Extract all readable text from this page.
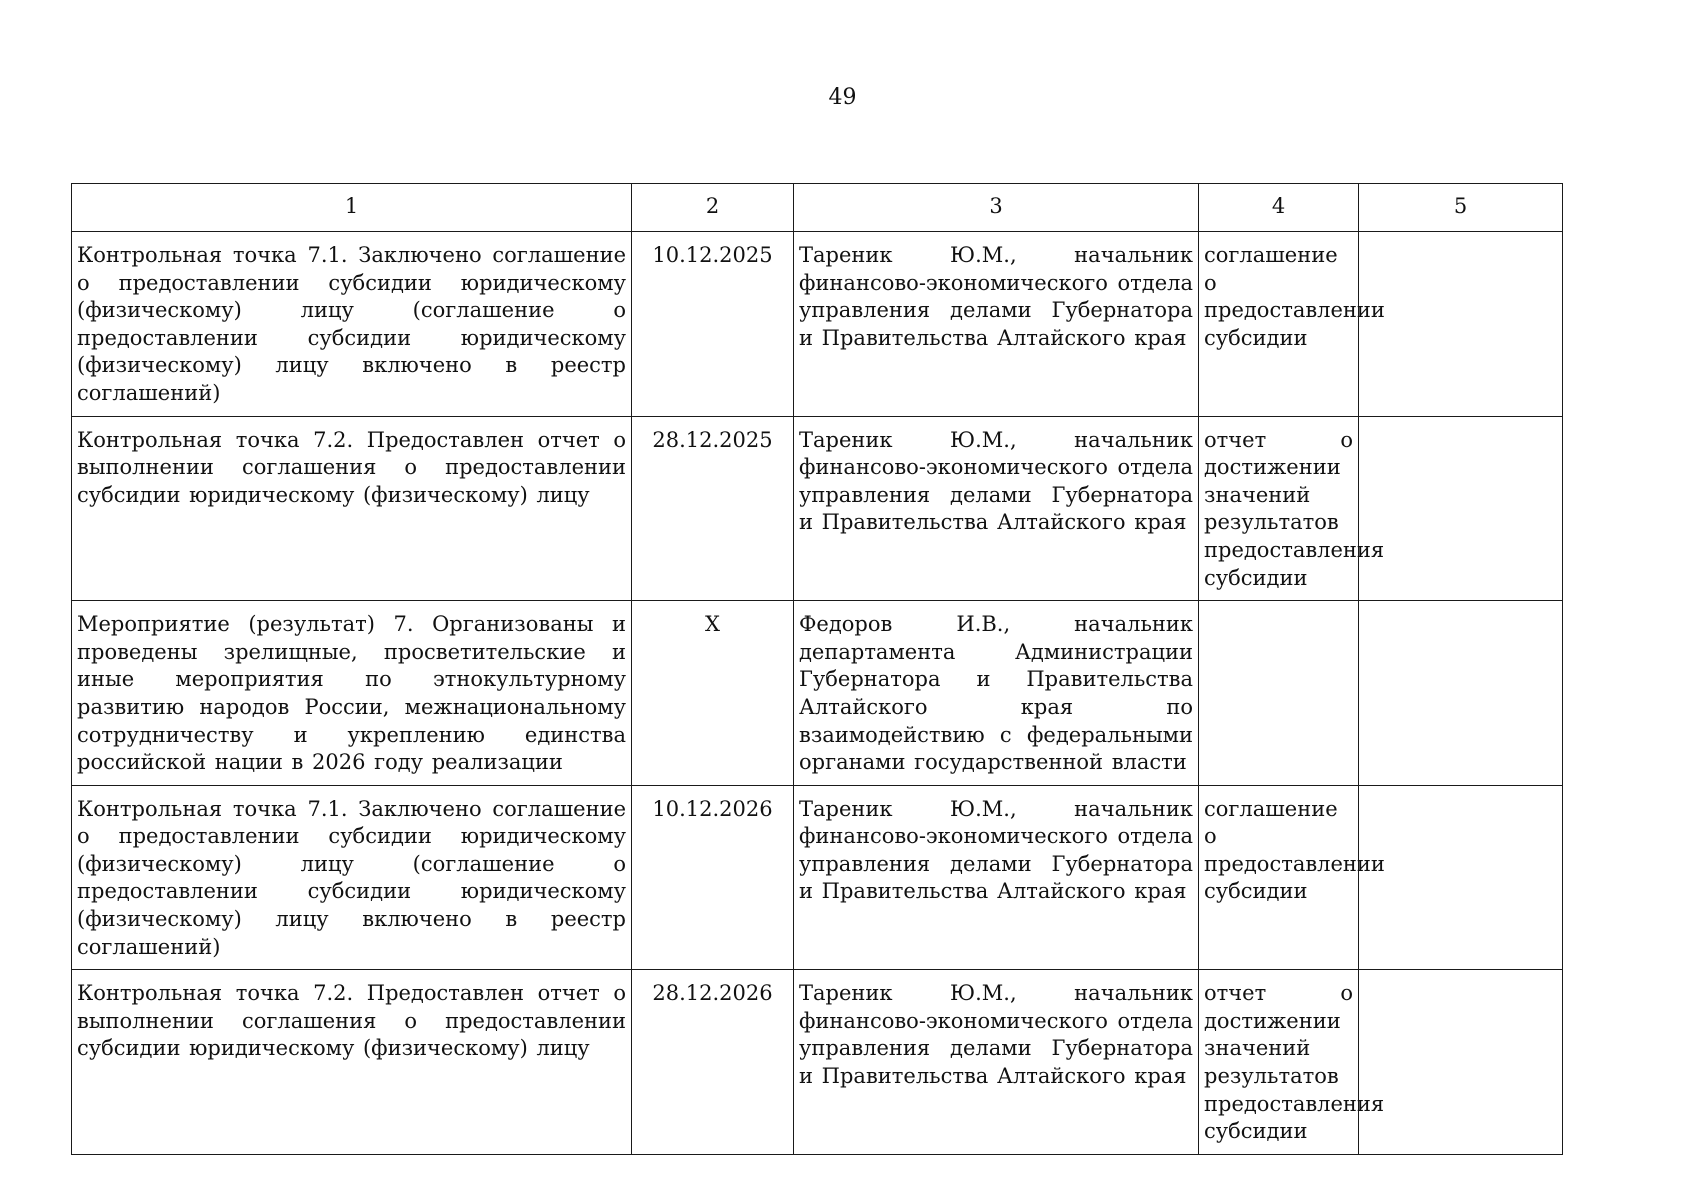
49
1	2	3	4	5
Контрольная точка 7.1. Заключено соглашение о предоставлении субсидии юридическому (физическому) лицу (соглашение о предоставлении субсидии юридическому (физическому) лицу включено в реестр соглашений)	10.12.2025	Тареник Ю.М., начальник финансово-экономического отдела управления делами Губернатора и Правительства Алтайского края	соглашение о предоставлении субсидии	
Контрольная точка 7.2. Предоставлен отчет о выполнении соглашения о предоставлении субсидии юридическому (физическому) лицу	28.12.2025	Тареник Ю.М., начальник финансово-экономического отдела управления делами Губернатора и Правительства Алтайского края	отчет о достижении значений результатов предоставления субсидии	
Мероприятие (результат) 7. Организованы и проведены зрелищные, просветительские и иные мероприятия по этнокультурному развитию народов России, межнациональному сотрудничеству и укреплению единства российской нации в 2026 году реализации	Х	Федоров И.В., начальник департамента Администрации Губернатора и Правительства Алтайского края по взаимодействию с федеральными органами государственной власти		
Контрольная точка 7.1. Заключено соглашение о предоставлении субсидии юридическому (физическому) лицу (соглашение о предоставлении субсидии юридическому (физическому) лицу включено в реестр соглашений)	10.12.2026	Тареник Ю.М., начальник финансово-экономического отдела управления делами Губернатора и Правительства Алтайского края	соглашение о предоставлении субсидии	
Контрольная точка 7.2. Предоставлен отчет о выполнении соглашения о предоставлении субсидии юридическому (физическому) лицу	28.12.2026	Тареник Ю.М., начальник финансово-экономического отдела управления делами Губернатора и Правительства Алтайского края	отчет о достижении значений результатов предоставления субсидии	
